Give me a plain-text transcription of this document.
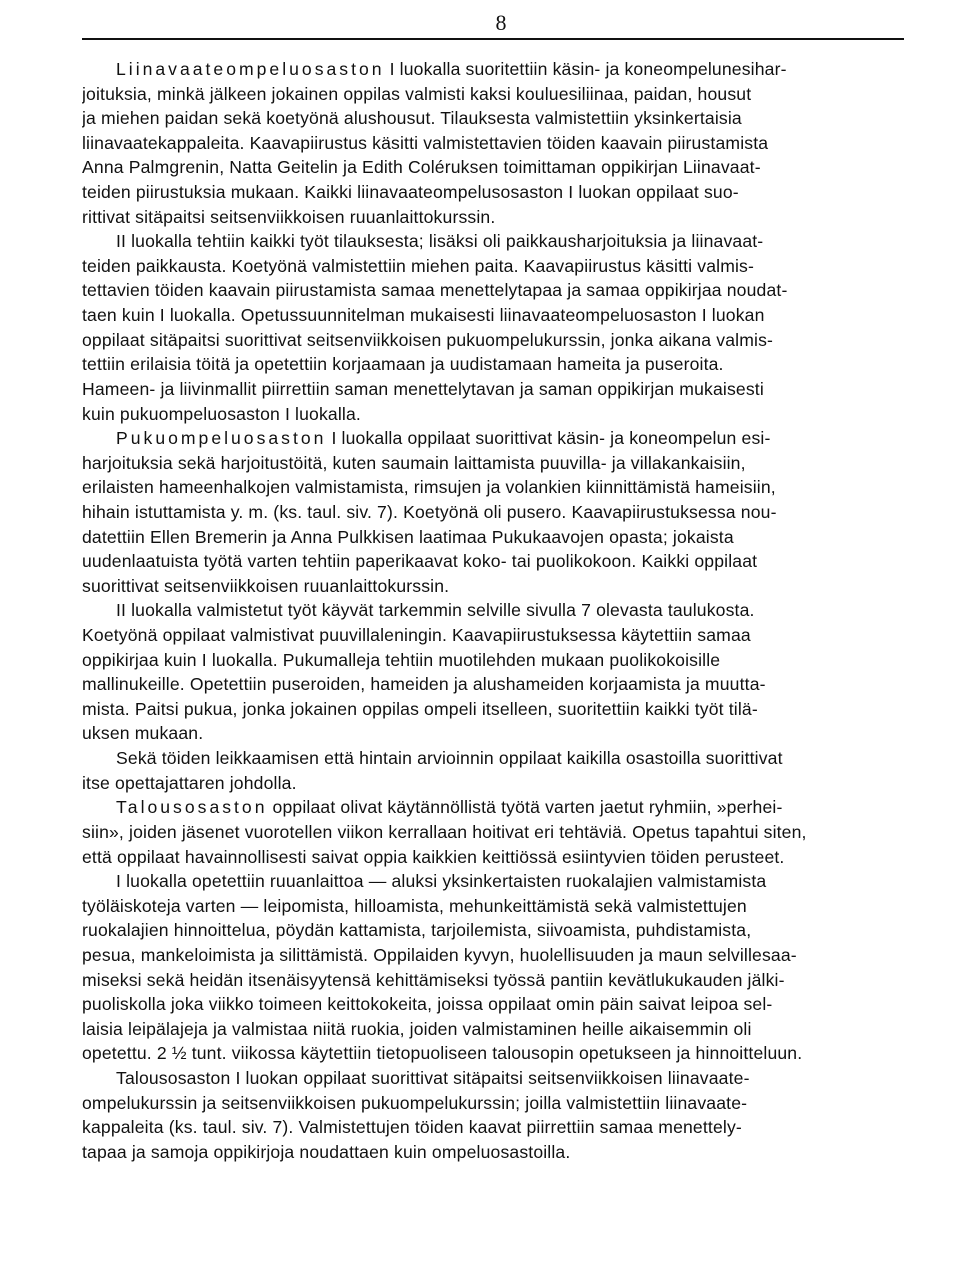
8
Liinavaateompeluosaston I luokalla suoritettiin käsin- ja koneompelunesihar-
joituksia, minkä jälkeen jokainen oppilas valmisti kaksi kouluesiliinaa, paidan, housut
ja miehen paidan sekä koetyönä alushousut. Tilauksesta valmistettiin yksinkertaisia
liinavaatekappaleita. Kaavapiirustus käsitti valmistettavien töiden kaavain piirustamista
Anna Palmgrenin, Natta Geitelin ja Edith Coléruksen toimittaman oppikirjan Liinavaat-
teiden piirustuksia mukaan. Kaikki liinavaateompelusosaston I luokan oppilaat suo-
rittivat sitäpaitsi seitsenviikkoisen ruuanlaittokurssin.
II luokalla tehtiin kaikki työt tilauksesta; lisäksi oli paikkausharjoituksia ja liinavaat-
teiden paikkausta. Koetyönä valmistettiin miehen paita. Kaavapiirustus käsitti valmis-
tettavien töiden kaavain piirustamista samaa menettelytapaa ja samaa oppikirjaa noudat-
taen kuin I luokalla. Opetussuunnitelman mukaisesti liinavaateompeluosaston I luokan
oppilaat sitäpaitsi suorittivat seitsenviikkoisen pukuompelukurssin, jonka aikana valmis-
tettiin erilaisia töitä ja opetettiin korjaamaan ja uudistamaan hameita ja puseroita.
Hameen- ja liivinmallit piirrettiin saman menettelytavan ja saman oppikirjan mukaisesti
kuin pukuompeluosaston I luokalla.
Pukuompeluosaston I luokalla oppilaat suorittivat käsin- ja koneompelun esi-
harjoituksia sekä harjoitustöitä, kuten saumain laittamista puuvilla- ja villakankaisiin,
erilaisten hameenhalkojen valmistamista, rimsujen ja volankien kiinnittämistä hameisiin,
hihain istuttamista y. m. (ks. taul. siv. 7). Koetyönä oli pusero. Kaavapiirustuksessa nou-
datettiin Ellen Bremerin ja Anna Pulkkisen laatimaa Pukukaavojen opasta; jokaista
uudenlaatuista työtä varten tehtiin paperikaavat koko- tai puolikokoon. Kaikki oppilaat
suorittivat seitsenviikkoisen ruuanlaittokurssin.
II luokalla valmistetut työt käyvät tarkemmin selville sivulla 7 olevasta taulukosta.
Koetyönä oppilaat valmistivat puuvillaleningin. Kaavapiirustuksessa käytettiin samaa
oppikirjaa kuin I luokalla. Pukumalleja tehtiin muotilehden mukaan puolikokoisille
mallinukeille. Opetettiin puseroiden, hameiden ja alushameiden korjaamista ja muutta-
mista. Paitsi pukua, jonka jokainen oppilas ompeli itselleen, suoritettiin kaikki työt tilä-
uksen mukaan.
Sekä töiden leikkaamisen että hintain arvioinnin oppilaat kaikilla osastoilla suorittivat
itse opettajattaren johdolla.
Talousosaston oppilaat olivat käytännöllistä työtä varten jaetut ryhmiin, »perhei-
siin», joiden jäsenet vuorotellen viikon kerrallaan hoitivat eri tehtäviä. Opetus tapahtui siten,
että oppilaat havainnollisesti saivat oppia kaikkien keittiössä esiintyvien töiden perusteet.
I luokalla opetettiin ruuanlaittoa — aluksi yksinkertaisten ruokalajien valmistamista
työläiskoteja varten — leipomista, hilloamista, mehunkeittämistä sekä valmistettujen
ruokalajien hinnoittelua, pöydän kattamista, tarjoilemista, siivoamista, puhdistamista,
pesua, mankeloimista ja silittämistä. Oppilaiden kyvyn, huolellisuuden ja maun selvillesaa-
miseksi sekä heidän itsenäisyytensä kehittämiseksi työssä pantiin kevätlukukauden jälki-
puoliskolla joka viikko toimeen keittokokeita, joissa oppilaat omin päin saivat leipoa sel-
laisia leipälajeja ja valmistaa niitä ruokia, joiden valmistaminen heille aikaisemmin oli
opetettu. 2 ½ tunt. viikossa käytettiin tietopuoliseen talousopin opetukseen ja hinnoitteluun.
Talousosaston I luokan oppilaat suorittivat sitäpaitsi seitsenviikkoisen liinavaate-
ompelukurssin ja seitsenviikkoisen pukuompelukurssin; joilla valmistettiin liinavaate-
kappaleita (ks. taul. siv. 7). Valmistettujen töiden kaavat piirrettiin samaa menettely-
tapaa ja samoja oppikirjoja noudattaen kuin ompeluosastoilla.
